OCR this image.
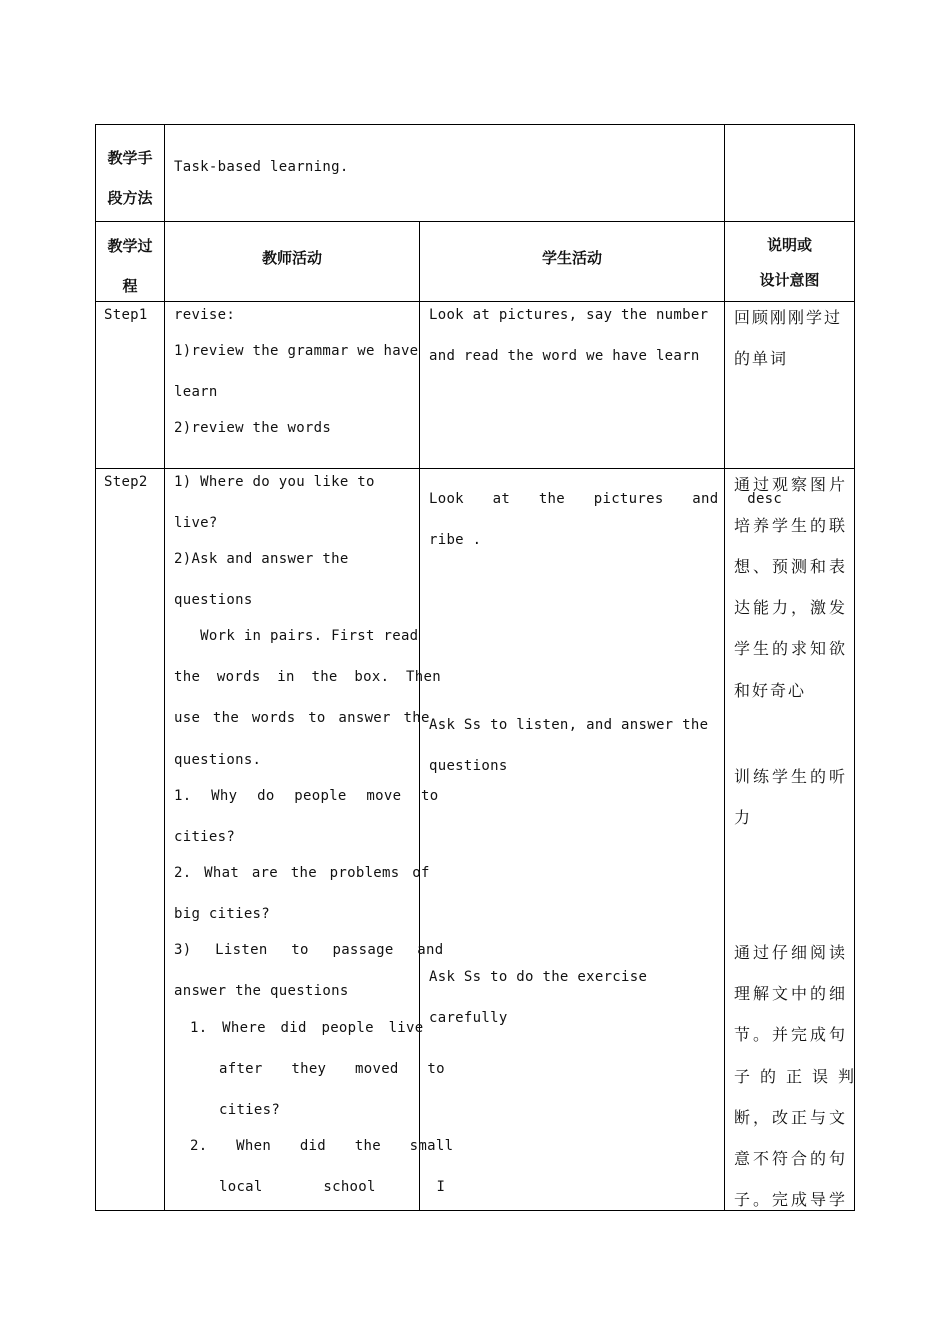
教学手
段方法
Task-based learning.
教学过
程
教师活动	学生活动
说明或
设计意图
Step1 revise:
1)review the grammar we have
learn
2)review the words
Look at pictures, say the number
and read the word we have learn
回顾刚刚学过
的单词
Step2 1) Where do you like to
live?
2)Ask and answer the
questions
Work in pairs. First read
the words in the box. Then
use the words to answer the
questions.
1. Why do people move to
cities?
2. What are the problems of
big cities?
3) Listen to passage and
answer the questions
1. Where did people live
after they moved to
cities?
2. When did the small
local school I
Look at the pictures and desc
ribe .
Ask Ss to listen, and answer the
questions
Ask Ss to do the exercise
carefully
通过观察图片
培养学生的联
想、预测和表
达能力，激发
学生的求知欲
和好奇心
训练学生的听
力
通过仔细阅读
理解文中的细
节。并完成句
子的正误判
断，改正与文
意不符合的句
子。完成导学
